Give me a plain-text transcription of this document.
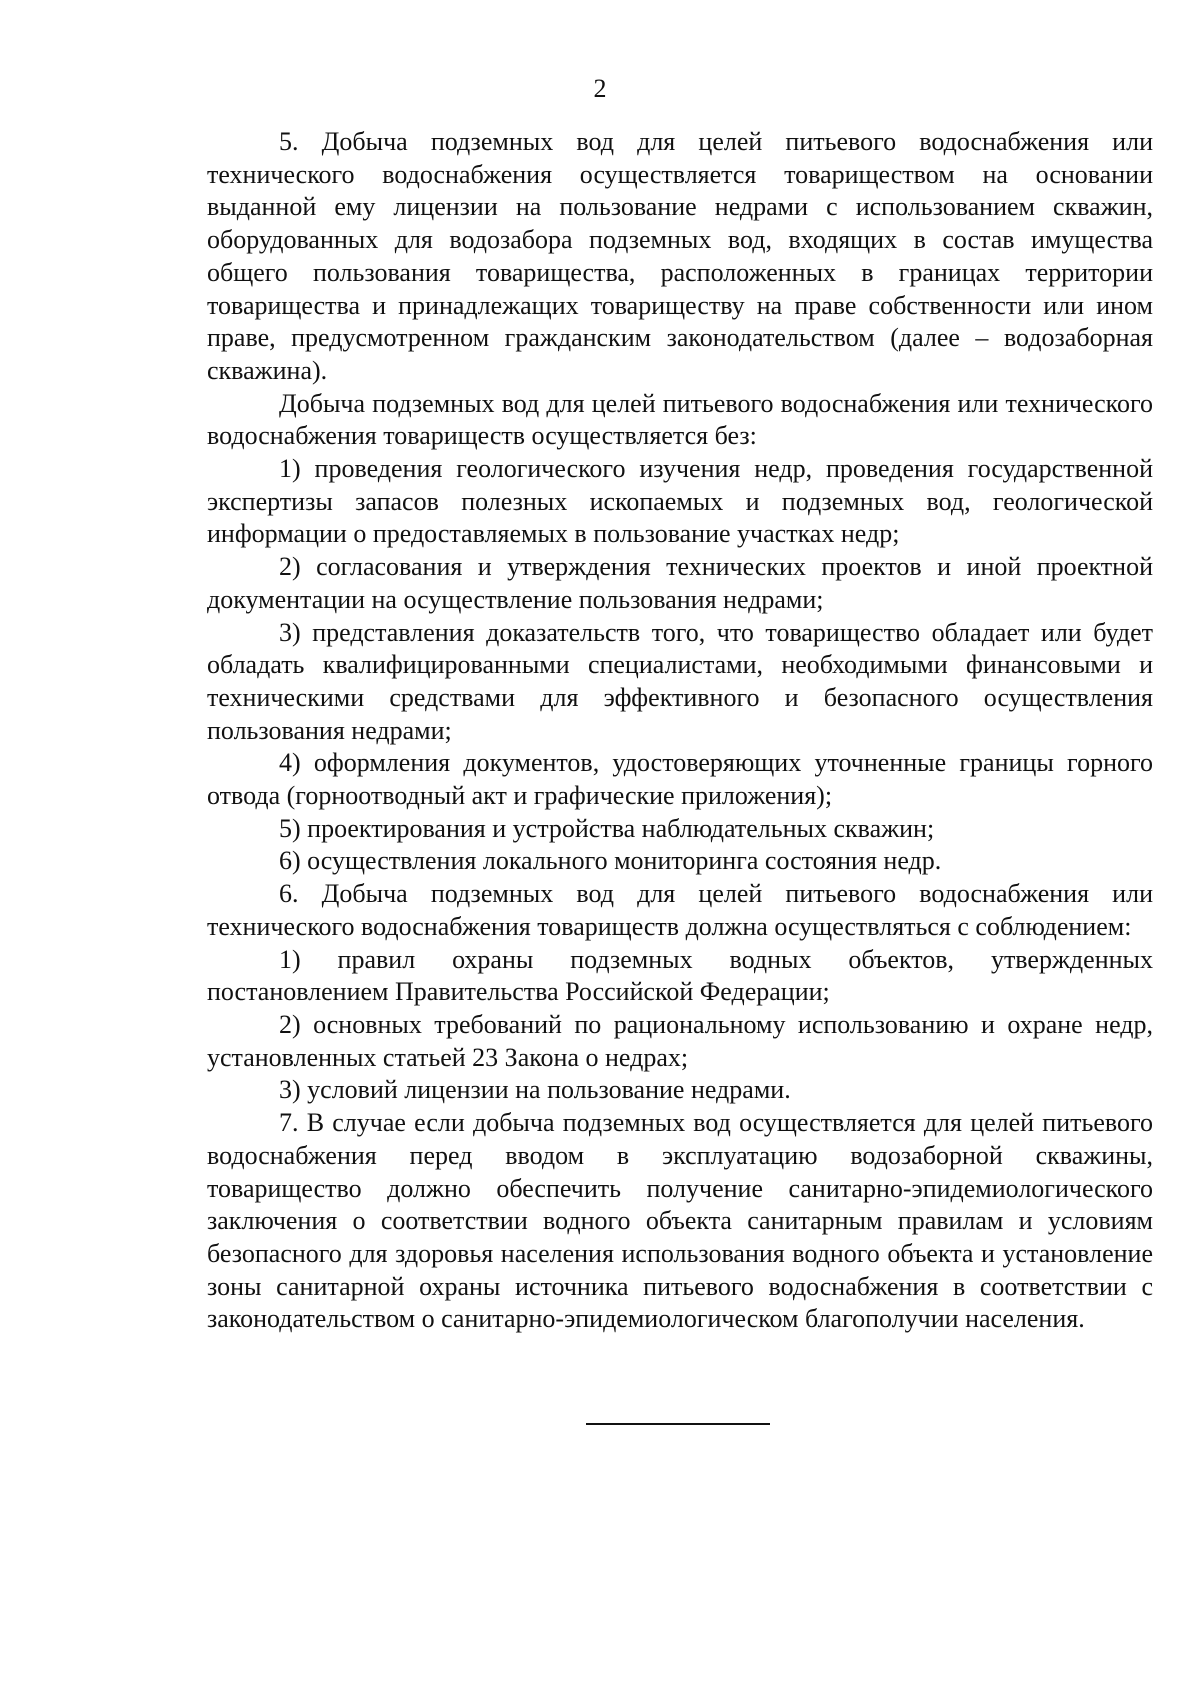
2

5. Добыча подземных вод для целей питьевого водоснабжения или технического водоснабжения осуществляется товариществом на основании выданной ему лицензии на пользование недрами с использованием скважин, оборудованных для водозабора подземных вод, входящих в состав имущества общего пользования товарищества, расположенных в границах территории товарищества и принадлежащих товариществу на праве собственности или ином праве, предусмотренном гражданским законодательством (далее – водозаборная скважина).

Добыча подземных вод для целей питьевого водоснабжения или технического водоснабжения товариществ осуществляется без:

1) проведения геологического изучения недр, проведения государственной экспертизы запасов полезных ископаемых и подземных вод, геологической информации о предоставляемых в пользование участках недр;

2) согласования и утверждения технических проектов и иной проектной документации на осуществление пользования недрами;

3) представления доказательств того, что товарищество обладает или будет обладать квалифицированными специалистами, необходимыми финансовыми и техническими средствами для эффективного и безопасного осуществления пользования недрами;

4) оформления документов, удостоверяющих уточненные границы горного отвода (горноотводный акт и графические приложения);

5) проектирования и устройства наблюдательных скважин;

6) осуществления локального мониторинга состояния недр.

6. Добыча подземных вод для целей питьевого водоснабжения или технического водоснабжения товариществ должна осуществляться с соблюдением:

1) правил охраны подземных водных объектов, утвержденных постановлением Правительства Российской Федерации;

2) основных требований по рациональному использованию и охране недр, установленных статьей 23 Закона о недрах;

3) условий лицензии на пользование недрами.

7. В случае если добыча подземных вод осуществляется для целей питьевого водоснабжения перед вводом в эксплуатацию водозаборной скважины, товарищество должно обеспечить получение санитарно-эпидемиологического заключения о соответствии водного объекта санитарным правилам и условиям безопасного для здоровья населения использования водного объекта и установление зоны санитарной охраны источника питьевого водоснабжения в соответствии с законодательством о санитарно-эпидемиологическом благополучии населения.
